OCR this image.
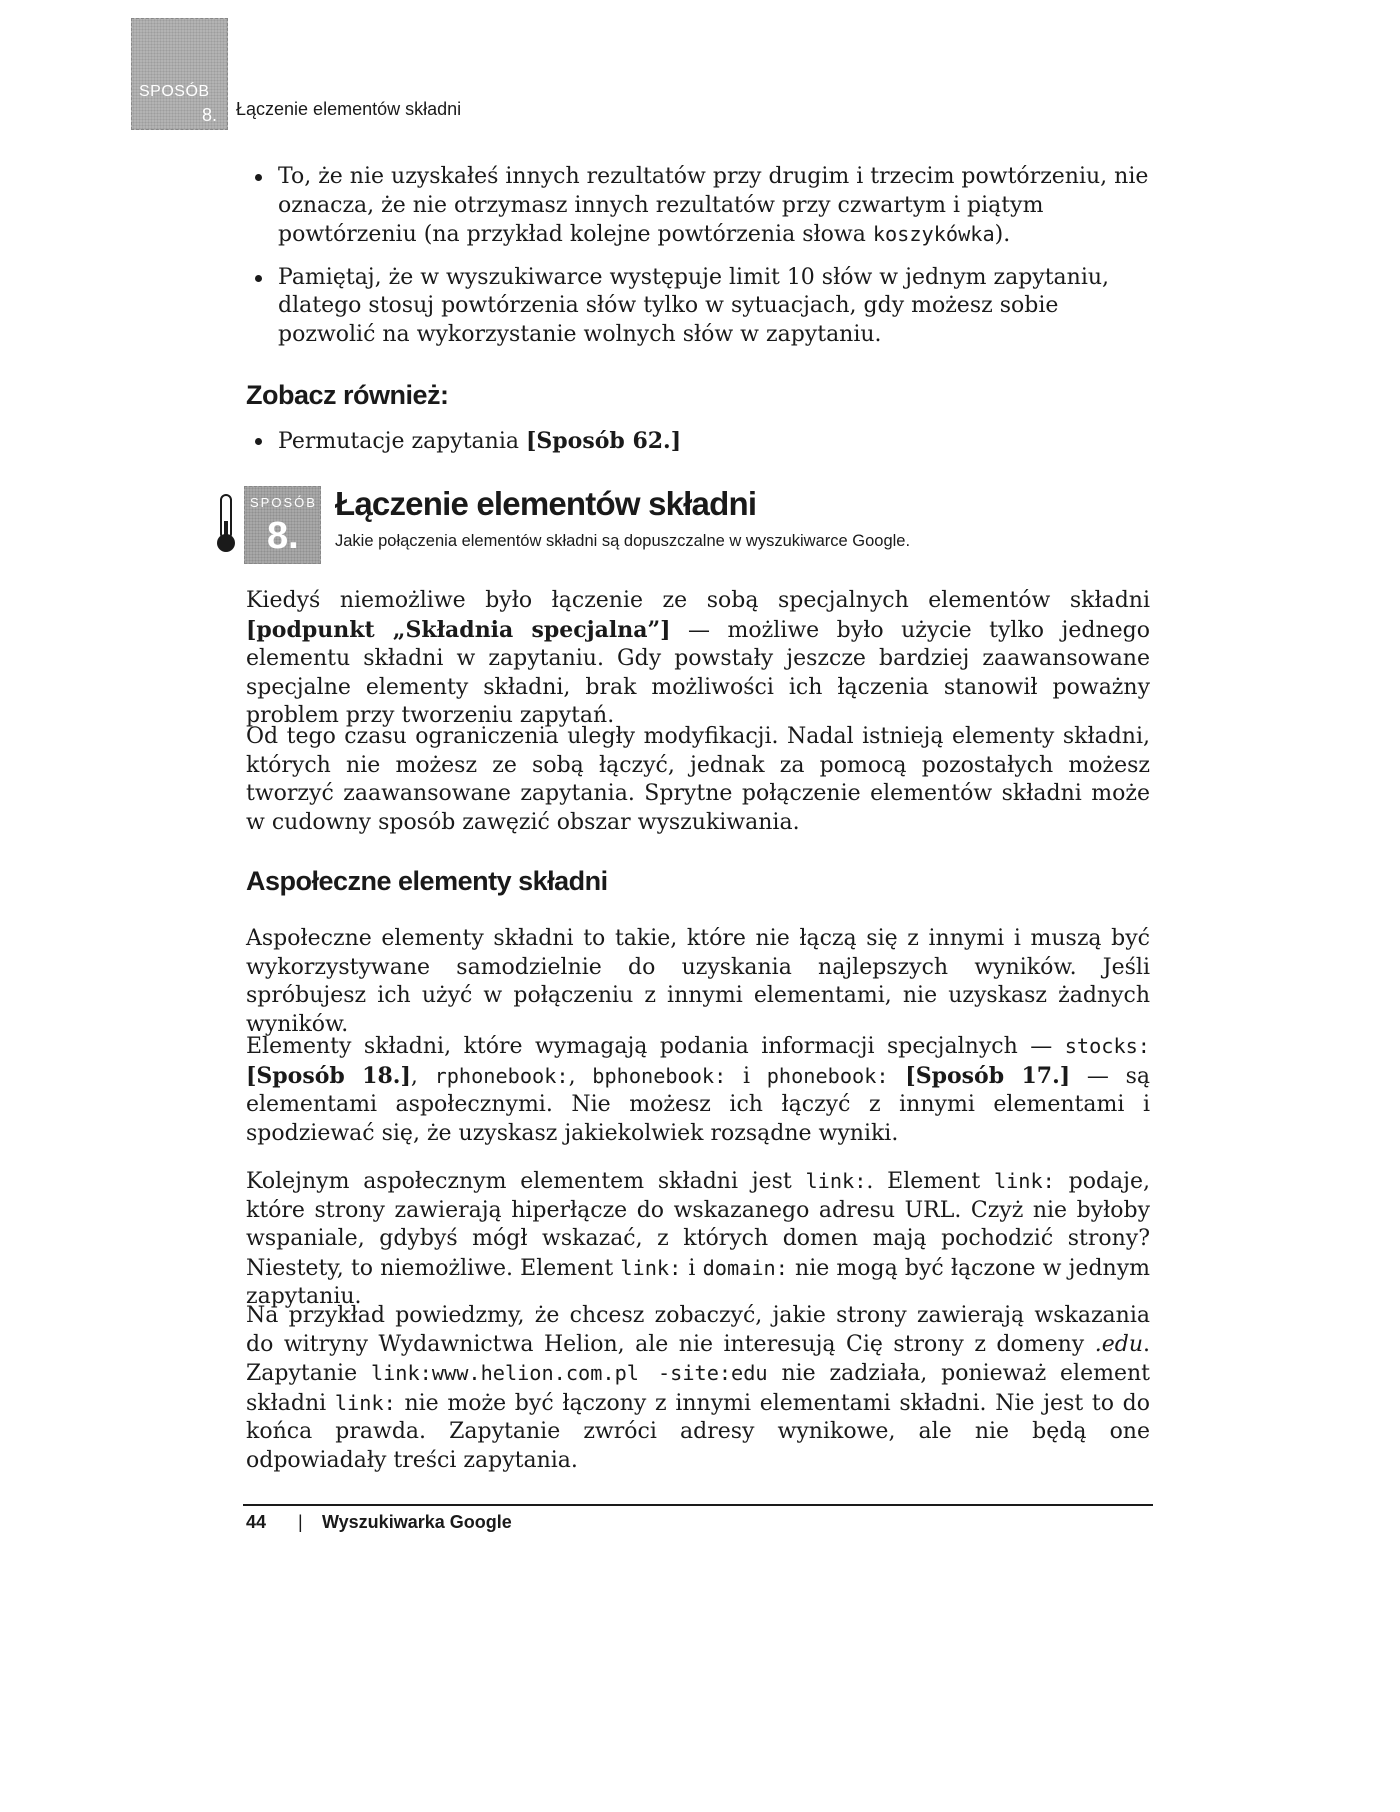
SPOSÓB
8. Łączenie elementów składni
To, że nie uzyskałeś innych rezultatów przy drugim i trzecim powtórzeniu, nie oznacza, że nie otrzymasz innych rezultatów przy czwartym i piątym powtórzeniu (na przykład kolejne powtórzenia słowa koszykówka).
Pamiętaj, że w wyszukiwarce występuje limit 10 słów w jednym zapytaniu, dlatego stosuj powtórzenia słów tylko w sytuacjach, gdy możesz sobie pozwolić na wykorzystanie wolnych słów w zapytaniu.
Zobacz również:
Permutacje zapytania [Sposób 62.]
SPOSÓB
8.
Łączenie elementów składni

Jakie połączenia elementów składni są dopuszczalne w wyszukiwarce Google.

Kiedyś niemożliwe było łączenie ze sobą specjalnych elementów składni [podpunkt „Składnia specjalna”] — możliwe było użycie tylko jednego elementu składni w zapytaniu. Gdy powstały jeszcze bardziej zaawansowane specjalne elementy składni, brak możliwości ich łączenia stanowił poważny problem przy tworzeniu zapytań.

Od tego czasu ograniczenia uległy modyfikacji. Nadal istnieją elementy składni, których nie możesz ze sobą łączyć, jednak za pomocą pozostałych możesz tworzyć zaawansowane zapytania. Sprytne połączenie elementów składni może w cudowny sposób zawęzić obszar wyszukiwania.

Aspołeczne elementy składni

Aspołeczne elementy składni to takie, które nie łączą się z innymi i muszą być wykorzystywane samodzielnie do uzyskania najlepszych wyników. Jeśli spróbujesz ich użyć w połączeniu z innymi elementami, nie uzyskasz żadnych wyników.

Elementy składni, które wymagają podania informacji specjalnych — stocks: [Sposób 18.], rphonebook:, bphonebook: i phonebook: [Sposób 17.] — są elementami aspołecznymi. Nie możesz ich łączyć z innymi elementami i spodziewać się, że uzyskasz jakiekolwiek rozsądne wyniki.

Kolejnym aspołecznym elementem składni jest link:. Element link: podaje, które strony zawierają hiperłącze do wskazanego adresu URL. Czyż nie byłoby wspaniale, gdybyś mógł wskazać, z których domen mają pochodzić strony? Niestety, to niemożliwe. Element link: i domain: nie mogą być łączone w jednym zapytaniu.

Na przykład powiedzmy, że chcesz zobaczyć, jakie strony zawierają wskazania do witryny Wydawnictwa Helion, ale nie interesują Cię strony z domeny .edu. Zapytanie link:www.helion.com.pl -site:edu nie zadziała, ponieważ element składni link: nie może być łączony z innymi elementami składni. Nie jest to do końca prawda. Zapytanie zwróci adresy wynikowe, ale nie będą one odpowiadały treści zapytania.

44 | Wyszukiwarka Google
